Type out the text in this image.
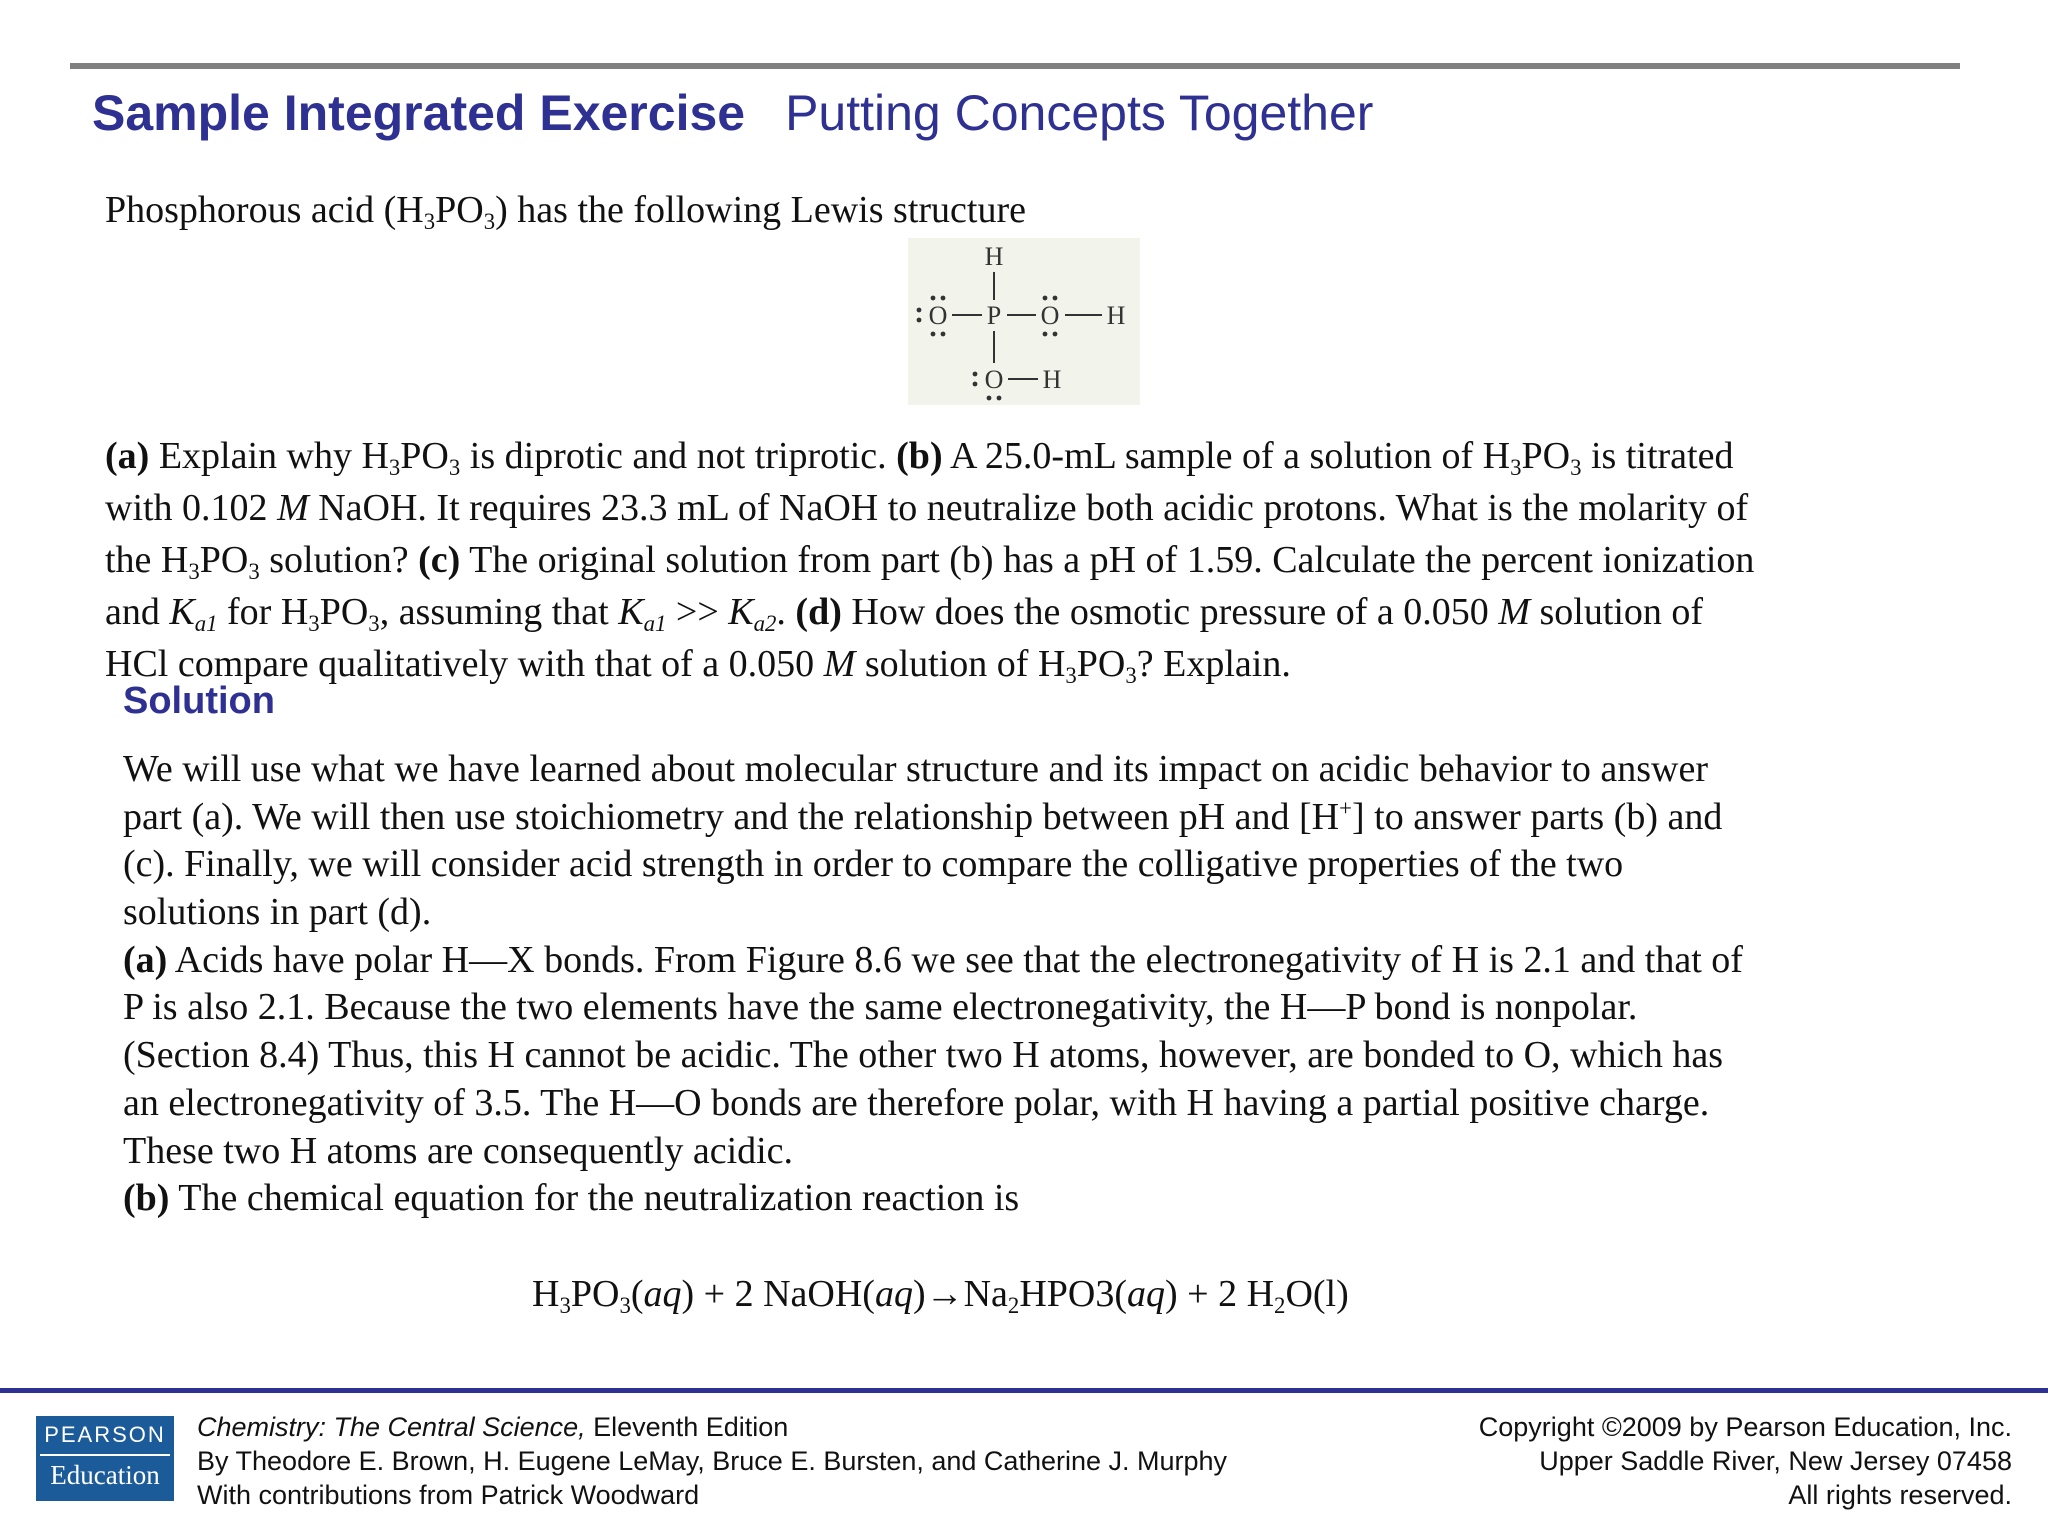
Sample Integrated Exercise Putting Concepts Together
Phosphorous acid $(H_3PO_3)$ has the following Lewis structure
H
O P O H
O H
(a) Explain why $H_3PO_3$ is diprotic and not triprotic. (b) A 25.0-mL sample of a solution of $H_3PO_3$ is titrated
with 0.102 M NaOH. It requires 23.3 mL of NaOH to neutralize both acidic protons. What is the molarity of
the $H_3PO_3$ solution? (c) The original solution from part (b) has a pH of 1.59. Calculate the percent ionization
and $K_{a1}$ for $H_3PO_3$, assuming that $K_{a1} >> K_{a2}$. (d) How does the osmotic pressure of a 0.050 M solution of
HCl compare qualitatively with that of a 0.050 M solution of $H_3PO_3$? Explain.
Solution
We will use what we have learned about molecular structure and its impact on acidic behavior to answer
part (a). We will then use stoichiometry and the relationship between pH and [H+] to answer parts (b) and
(c). Finally, we will consider acid strength in order to compare the colligative properties of the two
solutions in part (d).
(a) Acids have polar H—X bonds. From Figure 8.6 we see that the electronegativity of H is 2.1 and that of
P is also 2.1. Because the two elements have the same electronegativity, the H—P bond is nonpolar.
(Section 8.4) Thus, this H cannot be acidic. The other two H atoms, however, are bonded to O, which has
an electronegativity of 3.5. The H—O bonds are therefore polar, with H having a partial positive charge.
These two H atoms are consequently acidic.
(b) The chemical equation for the neutralization reaction is
$H_3PO_3(aq) + 2$ $NaOH(aq)\to Na_2HPO3(aq) + 2$ $H_2O(l)$
PEARSON
Education
Chemistry: The Central Science, Eleventh Edition
By Theodore E. Brown, H. Eugene LeMay, Bruce E. Bursten, and Catherine J. Murphy
With contributions from Patrick Woodward
Copyright ©2009 by Pearson Education, Inc.
Upper Saddle River, New Jersey 07458
All rights reserved.
